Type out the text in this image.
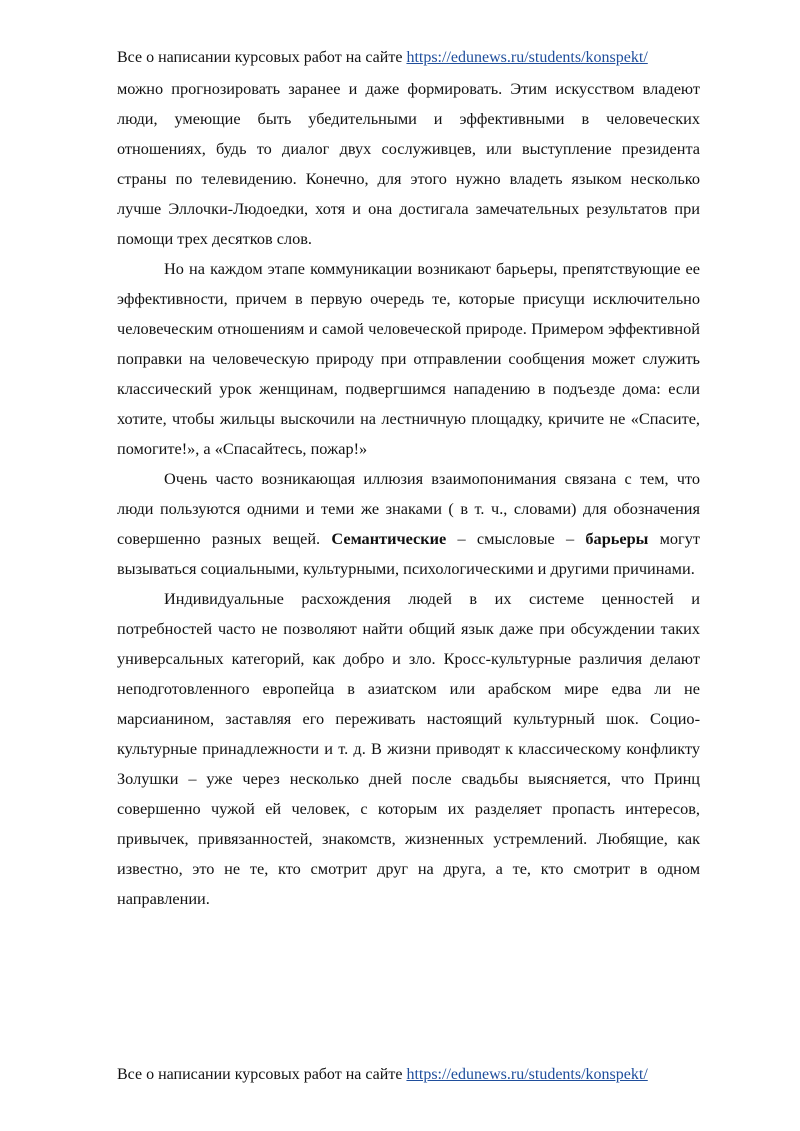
Все о написании курсовых работ на сайте https://edunews.ru/students/konspekt/

можно прогнозировать заранее и даже формировать. Этим искусством владеют люди, умеющие быть убедительными и эффективными в человеческих отношениях, будь то диалог двух сослуживцев, или выступление президента страны по телевидению. Конечно, для этого нужно владеть языком несколько лучше Эллочки-Людоедки, хотя и она достигала замечательных результатов при помощи трех десятков слов.

Но на каждом этапе коммуникации возникают барьеры, препятствующие ее эффективности, причем в первую очередь те, которые присущи исключительно человеческим отношениям и самой человеческой природе. Примером эффективной поправки на человеческую природу при отправлении сообщения может служить классический урок женщинам, подвергшимся нападению в подъезде дома: если хотите, чтобы жильцы выскочили на лестничную площадку, кричите не «Спасите, помогите!», а «Спасайтесь, пожар!»

Очень часто возникающая иллюзия взаимопонимания связана с тем, что люди пользуются одними и теми же знаками ( в т. ч., словами) для обозначения совершенно разных вещей. Семантические – смысловые – барьеры могут вызываться социальными, культурными, психологическими и другими причинами.

Индивидуальные расхождения людей в их системе ценностей и потребностей часто не позволяют найти общий язык даже при обсуждении таких универсальных категорий, как добро и зло. Кросс-культурные различия делают неподготовленного европейца в азиатском или арабском мире едва ли не марсианином, заставляя его переживать настоящий культурный шок. Социо-культурные принадлежности и т. д. В жизни приводят к классическому конфликту Золушки – уже через несколько дней после свадьбы выясняется, что Принц совершенно чужой ей человек, с которым их разделяет пропасть интересов, привычек, привязанностей, знакомств, жизненных устремлений. Любящие, как известно, это не те, кто смотрит друг на друга, а те, кто смотрит в одном направлении.

Все о написании курсовых работ на сайте https://edunews.ru/students/konspekt/
